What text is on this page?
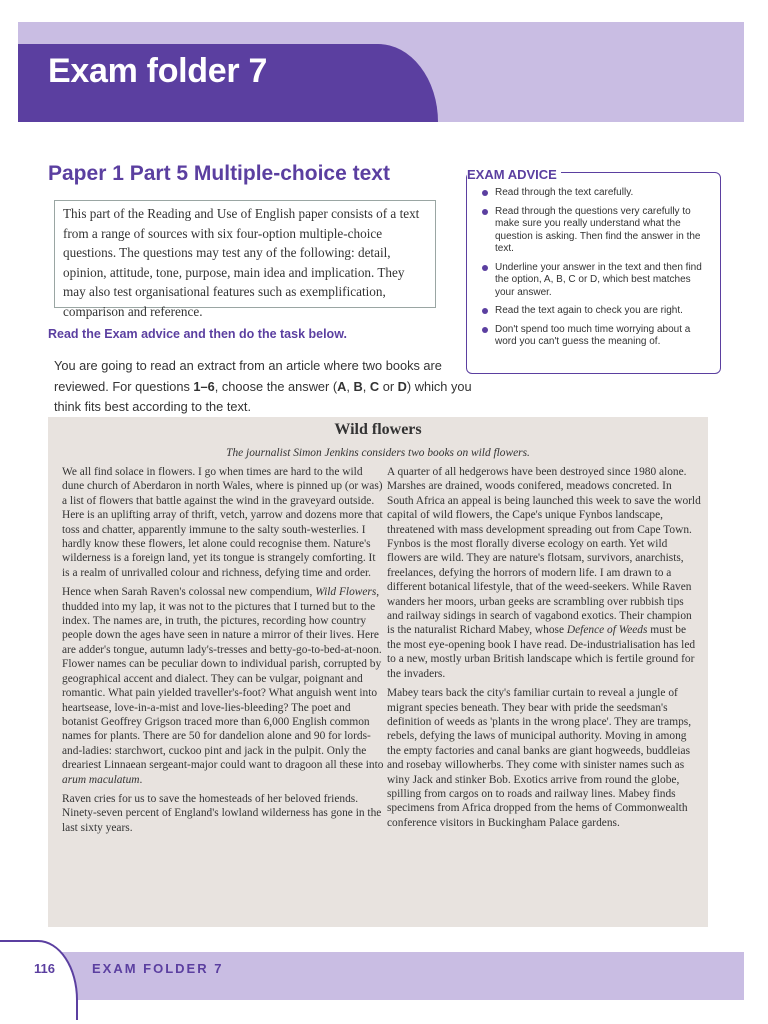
Exam folder 7
Paper 1 Part 5 Multiple-choice text

This part of the Reading and Use of English paper consists of a text from a range of sources with six four-option multiple-choice questions. The questions may test any of the following: detail, opinion, attitude, tone, purpose, main idea and implication. They may also test organisational features such as exemplification, comparison and reference.

Read the Exam advice and then do the task below.

You are going to read an extract from an article where two books are reviewed. For questions 1–6, choose the answer (A, B, C or D) which you think fits best according to the text.

Read through the text carefully.
Read through the questions very carefully to make sure you really understand what the question is asking. Then find the answer in the text.
Underline your answer in the text and then find the option, A, B, C or D, which best matches your answer.
Read the text again to check you are right.
Don't spend too much time worrying about a word you can't guess the meaning of.

EXAM ADVICE

Wild flowers

The journalist Simon Jenkins considers two books on wild flowers.

We all find solace in flowers. I go when times are hard to the wild dune church of Aberdaron in north Wales, where is pinned up (or was) a list of flowers that battle against the wind in the graveyard outside. Here is an uplifting array of thrift, vetch, yarrow and dozens more that toss and chatter, apparently immune to the salty south-westerlies. I hardly know these flowers, let alone could recognise them. Nature's wilderness is a foreign land, yet its tongue is strangely comforting. It is a realm of unrivalled colour and richness, defying time and order.

Hence when Sarah Raven's colossal new compendium, Wild Flowers, thudded into my lap, it was not to the pictures that I turned but to the index. The names are, in truth, the pictures, recording how country people down the ages have seen in nature a mirror of their lives. Here are adder's tongue, autumn lady's-tresses and betty-go-to-bed-at-noon. Flower names can be peculiar down to individual parish, corrupted by geographical accent and dialect. They can be vulgar, poignant and romantic. What pain yielded traveller's-foot? What anguish went into heartsease, love-in-a-mist and love-lies-bleeding? The poet and botanist Geoffrey Grigson traced more than 6,000 English common names for plants. There are 50 for dandelion alone and 90 for lords-and-ladies: starchwort, cuckoo pint and jack in the pulpit. Only the dreariest Linnaean sergeant-major could want to dragoon all these into arum maculatum.

Raven cries for us to save the homesteads of her beloved friends. Ninety-seven percent of England's lowland wilderness has gone in the last sixty years.

A quarter of all hedgerows have been destroyed since 1980 alone. Marshes are drained, woods conifered, meadows concreted. In South Africa an appeal is being launched this week to save the world capital of wild flowers, the Cape's unique Fynbos landscape, threatened with mass development spreading out from Cape Town. Fynbos is the most florally diverse ecology on earth. Yet wild flowers are wild. They are nature's flotsam, survivors, anarchists, freelances, defying the horrors of modern life. I am drawn to a different botanical lifestyle, that of the weed-seekers. While Raven wanders her moors, urban geeks are scrambling over rubbish tips and railway sidings in search of vagabond exotics. Their champion is the naturalist Richard Mabey, whose Defence of Weeds must be the most eye-opening book I have read. De-industrialisation has led to a new, mostly urban British landscape which is fertile ground for the invaders.

Mabey tears back the city's familiar curtain to reveal a jungle of migrant species beneath. They bear with pride the seedsman's definition of weeds as 'plants in the wrong place'. They are tramps, rebels, defying the laws of municipal authority. Moving in among the empty factories and canal banks are giant hogweeds, buddleias and rosebay willowherbs. They come with sinister names such as winy Jack and stinker Bob. Exotics arrive from round the globe, spilling from cargos on to roads and railway lines. Mabey finds specimens from Africa dropped from the hems of Commonwealth conference visitors in Buckingham Palace gardens.

116	EXAM FOLDER 7
